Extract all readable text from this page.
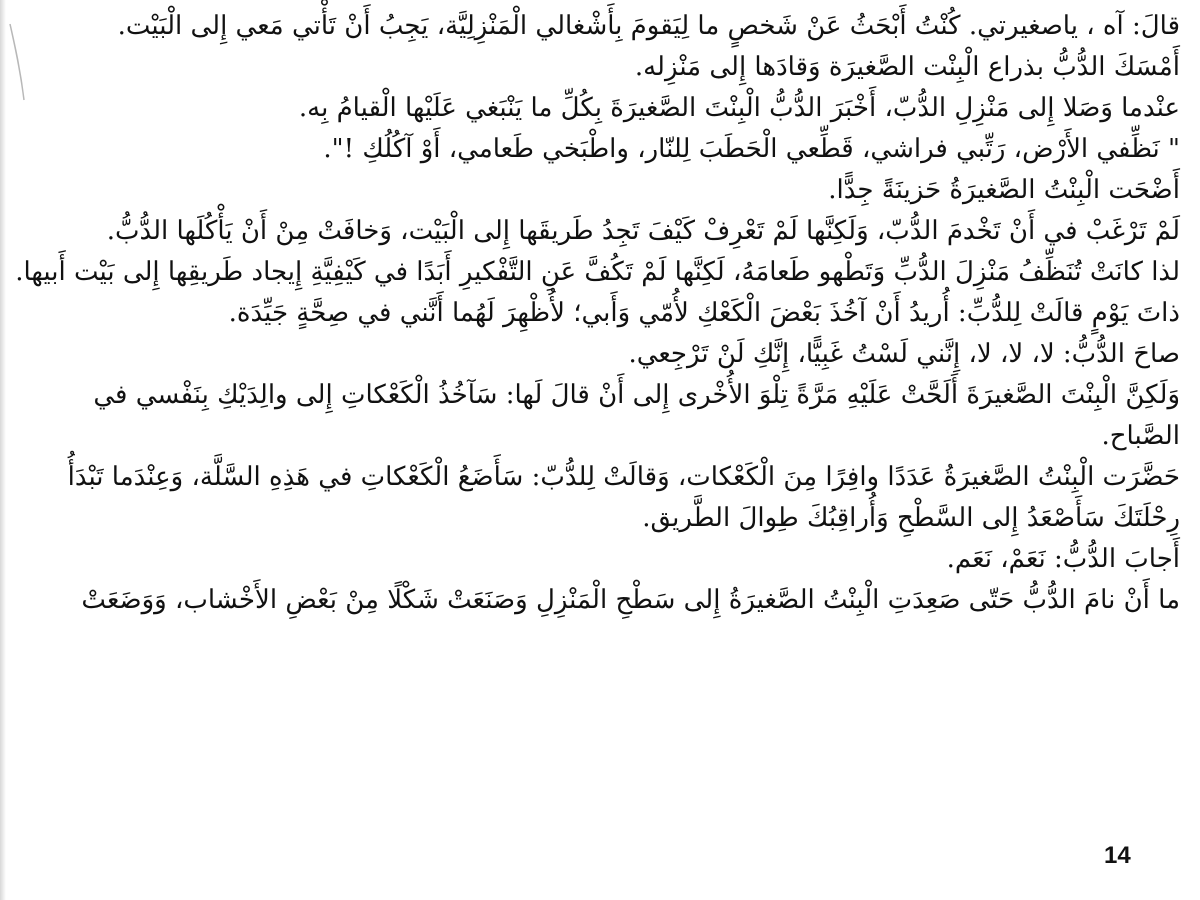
قالَ: آه ، ياصغيرتي. كُنْتُ أَبْحَثُ عَنْ شَخصٍ ما لِيَقومَ بِأَشْغالي الْمَنْزِلِيَّة، يَجِبُ أَنْ تَأْتي مَعي إِلى الْبَيْت.

أَمْسَكَ الدُّبُّ بذراع الْبِنْت الصَّغيرَة وَقادَها إِلى مَنْزِله.

عنْدما وَصَلا إِلى مَنْزِلِ الدُّبّ، أَخْبَرَ الدُّبُّ الْبِنْتَ الصَّغيرَةَ بِكُلِّ ما يَنْبَغي عَلَيْها الْقيامُ بِه.

" نَظِّفي الأَرْض، رَتِّبي فراشي، قَطِّعي الْحَطَبَ لِلنّار، واطْبَخي طَعامي، أَوْ آكُلُكِ !".

أَضْحَت الْبِنْتُ الصَّغيرَةُ حَزينَةً جِدًّا.

لَمْ تَرْغَبْ في أَنْ تَخْدمَ الدُّبّ، وَلَكِنَّها لَمْ تَعْرِفْ كَيْفَ تَجِدُ طَريقَها إِلى الْبَيْت، وَخافَتْ مِنْ أَنْ يَأْكُلَها الدُّبُّ.

لذا كانَتْ تُنَظِّفُ مَنْزِلَ الدُّبِّ وَتَطْهو طَعامَهُ، لَكِنَّها لَمْ تَكُفَّ عَنِ التَّفْكيرِ أَبَدًا في كَيْفِيَّةِ إِيجاد طَريقِها إِلى بَيْت أَبيها.

ذاتَ يَوْمٍ قالَتْ لِلدُّبِّ: أُريدُ أَنْ آخُذَ بَعْضَ الْكَعْكِ لأُمّي وَأَبي؛ لأُظْهِرَ لَهُما أَنَّني في صِحَّةٍ جَيِّدَة.

صاحَ الدُّبُّ: لا، لا، لا، إِنَّني لَسْتُ غَبِيًّا، إِنَّكِ لَنْ تَرْجِعي.

وَلَكِنَّ الْبِنْتَ الصَّغيرَةَ أَلَحَّتْ عَلَيْهِ مَرَّةً تِلْوَ الأُخْرى إِلى أَنْ قالَ لَها: سَآخُذُ الْكَعْكاتِ إِلى والِدَيْكِ بِنَفْسي في الصَّباح.

حَضَّرَت الْبِنْتُ الصَّغيرَةُ عَدَدًا وافِرًا مِنَ الْكَعْكات، وَقالَتْ لِلدُّبّ: سَأَضَعُ الْكَعْكاتِ في هَذِهِ السَّلَّة، وَعِنْدَما تَبْدَأُ رِحْلَتَكَ سَأَصْعَدُ إِلى السَّطْحِ وَأُراقِبُكَ طِوالَ الطَّريق.

أَجابَ الدُّبُّ: نَعَمْ، نَعَم.

ما أَنْ نامَ الدُّبُّ حَتّى صَعِدَتِ الْبِنْتُ الصَّغيرَةُ إِلى سَطْحِ الْمَنْزِلِ وَصَنَعَتْ شَكْلًا مِنْ بَعْضِ الأَخْشاب، وَوَضَعَتْ

14
